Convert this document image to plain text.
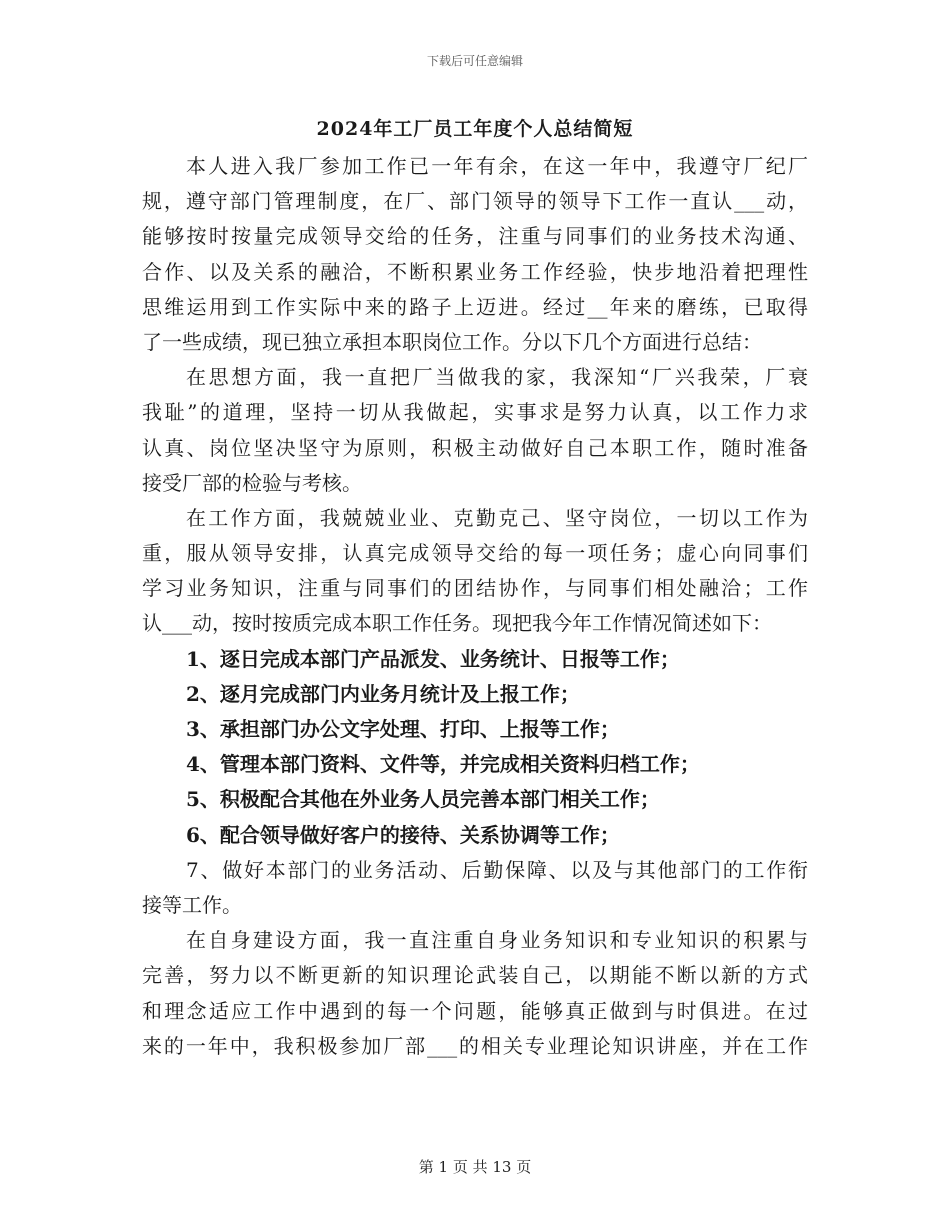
下载后可任意编辑
2024年工厂员工年度个人总结简短
本人进入我厂参加工作已一年有余，在这一年中，我遵守厂纪厂
规，遵守部门管理制度，在厂、部门领导的领导下工作一直认___动，
能够按时按量完成领导交给的任务，注重与同事们的业务技术沟通、
合作、以及关系的融洽，不断积累业务工作经验，快步地沿着把理性
思维运用到工作实际中来的路子上迈进。经过__年来的磨练，已取得
了一些成绩，现已独立承担本职岗位工作。分以下几个方面进行总结：
在思想方面，我一直把厂当做我的家，我深知“厂兴我荣，厂衰
我耻”的道理，坚持一切从我做起，实事求是努力认真，以工作力求
认真、岗位坚决坚守为原则，积极主动做好自己本职工作，随时准备
接受厂部的检验与考核。
在工作方面，我兢兢业业、克勤克己、坚守岗位，一切以工作为
重，服从领导安排，认真完成领导交给的每一项任务；虚心向同事们
学习业务知识，注重与同事们的团结协作，与同事们相处融洽；工作
认___动，按时按质完成本职工作任务。现把我今年工作情况简述如下：
1、逐日完成本部门产品派发、业务统计、日报等工作；
2、逐月完成部门内业务月统计及上报工作；
3、承担部门办公文字处理、打印、上报等工作；
4、管理本部门资料、文件等，并完成相关资料归档工作；
5、积极配合其他在外业务人员完善本部门相关工作；
6、配合领导做好客户的接待、关系协调等工作；
7、做好本部门的业务活动、后勤保障、以及与其他部门的工作衔
接等工作。
在自身建设方面，我一直注重自身业务知识和专业知识的积累与
完善，努力以不断更新的知识理论武装自己，以期能不断以新的方式
和理念适应工作中遇到的每一个问题，能够真正做到与时俱进。在过
来的一年中，我积极参加厂部___的相关专业理论知识讲座，并在工作
第 1 页 共 13 页
